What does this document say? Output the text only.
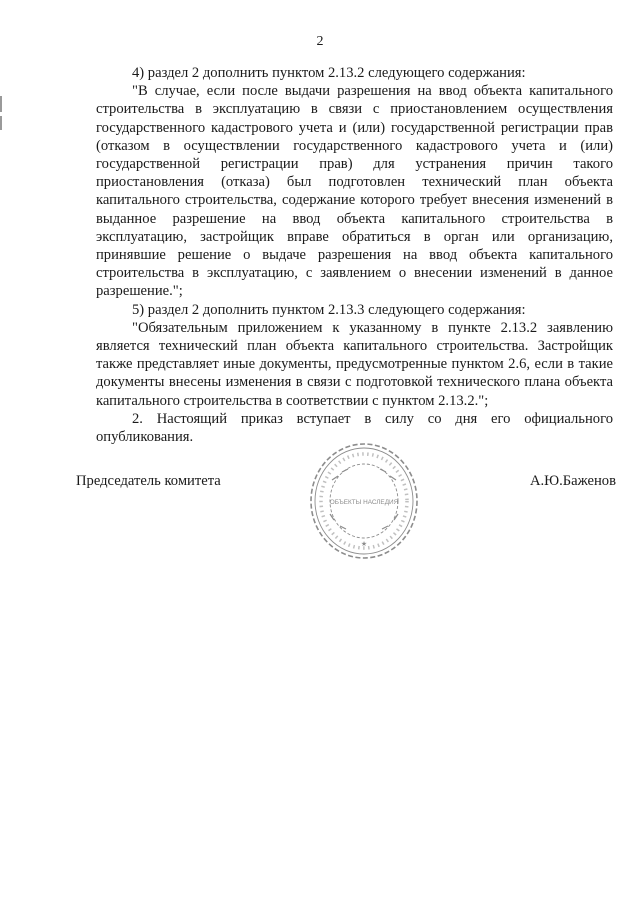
2

4) раздел 2 дополнить пунктом 2.13.2 следующего содержания:

"В случае, если после выдачи разрешения на ввод объекта капитального строительства в эксплуатацию в связи с приостановлением осуществления государственного кадастрового учета и (или) государственной регистрации прав (отказом в осуществлении государственного кадастрового учета и (или) государственной регистрации прав) для устранения причин такого приостановления (отказа) был подготовлен технический план объекта капитального строительства, содержание которого требует внесения изменений в выданное разрешение на ввод объекта капитального строительства в эксплуатацию, застройщик вправе обратиться в орган или организацию, принявшие решение о выдаче разрешения на ввод объекта капитального строительства в эксплуатацию, с заявлением о внесении изменений в данное разрешение.";

5) раздел 2 дополнить пунктом 2.13.3 следующего содержания:

"Обязательным приложением к указанному в пункте 2.13.2 заявлению является технический план объекта капитального строительства. Застройщик также представляет иные документы, предусмотренные пунктом 2.6, если в такие документы внесены изменения в связи с подготовкой технического плана объекта капитального строительства в соответствии с пунктом 2.13.2.";

2. Настоящий приказ вступает в силу со дня его официального опубликования.

Председатель комитета
ОБЪЕКТЫ НАСЛЕДИЯ
★
А.Ю.Баженов
